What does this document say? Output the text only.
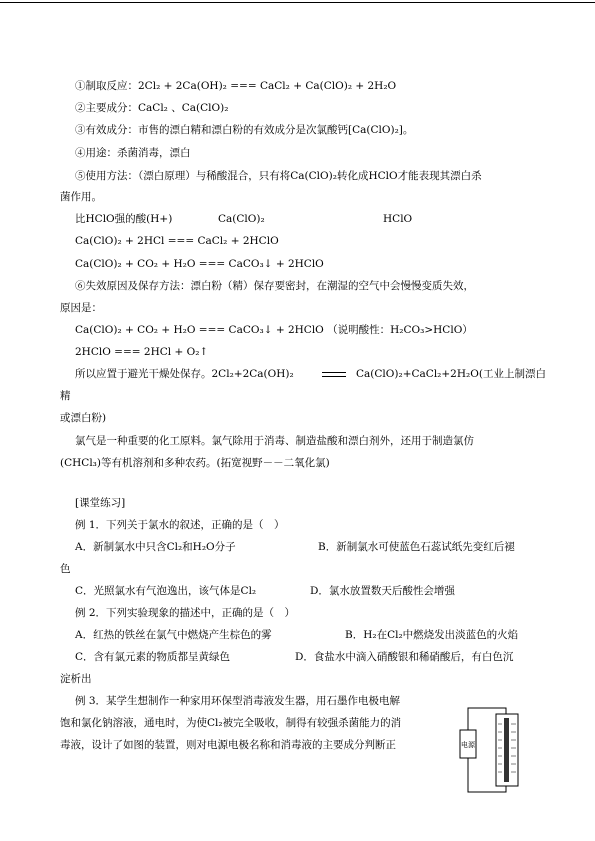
①制取反应：2Cl₂ + 2Ca(OH)₂ === CaCl₂ + Ca(ClO)₂ + 2H₂O
②主要成分：CaCl₂ 、Ca(ClO)₂
③有效成分：市售的漂白精和漂白粉的有效成分是次氯酸钙[Ca(ClO)₂]。
④用途：杀菌消毒，漂白
⑤使用方法：（漂白原理）与稀酸混合，只有将Ca(ClO)₂转化成HClO才能表现其漂白杀
菌作用。
比HClO强的酸(H+)	Ca(ClO)₂	HClO
Ca(ClO)₂ + 2HCl === CaCl₂ + 2HClO
Ca(ClO)₂ + CO₂ + H₂O === CaCO₃↓ + 2HClO
⑥失效原因及保存方法：漂白粉（精）保存要密封，在潮湿的空气中会慢慢变质失效，
原因是：
Ca(ClO)₂ + CO₂ + H₂O === CaCO₃↓ + 2HClO （说明酸性：H₂CO₃>HClO）
2HClO === 2HCl + O₂↑
所以应置于避光干燥处保存。2Cl₂+2Ca(OH)₂	Ca(ClO)₂+CaCl₂+2H₂O(工业上制漂白
精
或漂白粉)
氯气是一种重要的化工原料。氯气除用于消毒、制造盐酸和漂白剂外，还用于制造氯仿
(CHCl₃)等有机溶剂和多种农药。(拓宽视野－－二氧化氯)
[课堂练习]
例 1．下列关于氯水的叙述，正确的是（　）
A．新制氯水中只含Cl₂和H₂O分子	B．新制氯水可使蓝色石蕊试纸先变红后褪
色
C．光照氯水有气泡逸出，该气体是Cl₂	D．氯水放置数天后酸性会增强
例 2．下列实验现象的描述中，正确的是（　）
A．红热的铁丝在氯气中燃烧产生棕色的雾	B．H₂在Cl₂中燃烧发出淡蓝色的火焰
C．含有氯元素的物质都呈黄绿色	D．食盐水中滴入硝酸银和稀硝酸后，有白色沉
淀析出
例 3．某学生想制作一种家用环保型消毒液发生器，用石墨作电极电解
饱和氯化钠溶液，通电时，为使Cl₂被完全吸收，制得有较强杀菌能力的消
毒液，设计了如图的装置，则对电源电极名称和消毒液的主要成分判断正	电源
